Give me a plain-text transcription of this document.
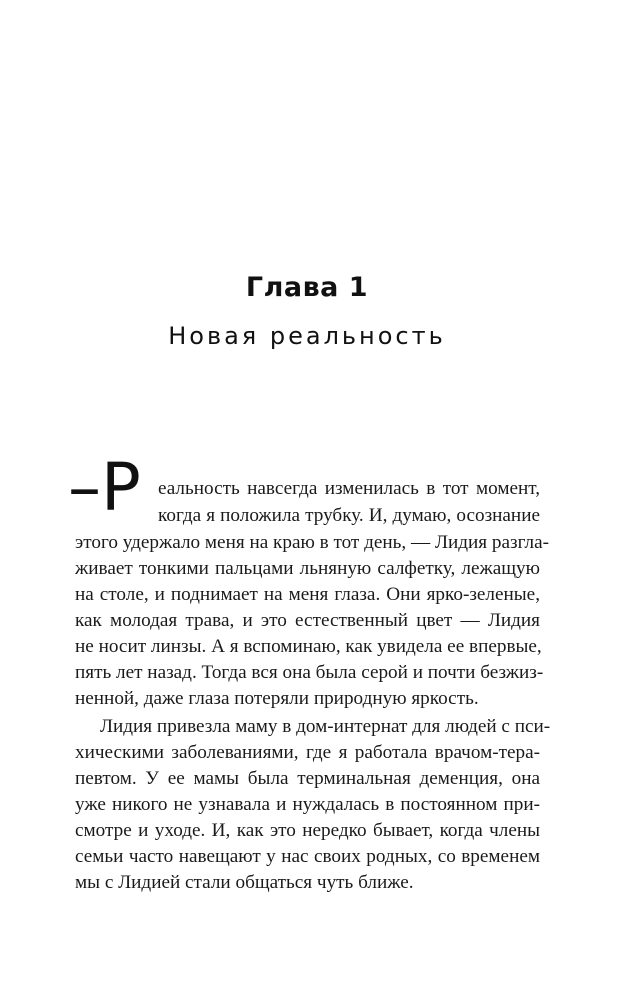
Глава 1
Новая реальность
–Р еальность навсегда изменилась в тот момент,
когда я положила трубку. И, думаю, осознание
этого удержало меня на краю в тот день, — Лидия разгла-
живает тонкими пальцами льняную салфетку, лежащую
на столе, и поднимает на меня глаза. Они ярко-зеленые,
как молодая трава, и это естественный цвет — Лидия
не носит линзы. А я вспоминаю, как увидела ее впервые,
пять лет назад. Тогда вся она была серой и почти безжиз-
ненной, даже глаза потеряли природную яркость.
Лидия привезла маму в дом-интернат для людей с пси-
хическими заболеваниями, где я работала врачом-тера-
певтом. У ее мамы была терминальная деменция, она
уже никого не узнавала и нуждалась в постоянном при-
смотре и уходе. И, как это нередко бывает, когда члены
семьи часто навещают у нас своих родных, со временем
мы с Лидией стали общаться чуть ближе.
